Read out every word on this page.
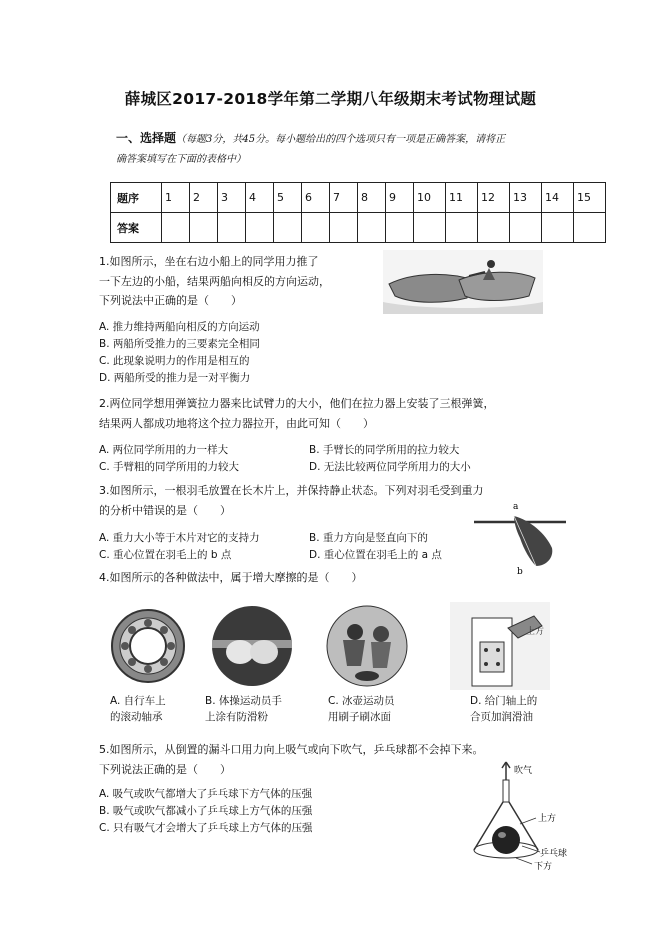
薛城区2017-2018学年第二学期八年级期末考试物理试题
一、选择题（每题3分，共45分。每小题给出的四个选项只有一项是正确答案，请将正
确答案填写在下面的表格中）
题序	1	2	3	4	5	6	7	8	9	10	11	12	13	14	15
答案															
1.如图所示，坐在右边小船上的同学用力推了
一下左边的小船，结果两船向相反的方向运动，
下列说法中正确的是（　　）
A. 推力维持两船向相反的方向运动
B. 两船所受推力的三要素完全相同
C. 此现象说明力的作用是相互的
D. 两船所受的推力是一对平衡力
2.两位同学想用弹簧拉力器来比试臂力的大小，他们在拉力器上安装了三根弹簧，
结果两人都成功地将这个拉力器拉开，由此可知（　　）
A. 两位同学所用的力一样大	B. 手臂长的同学所用的拉力较大
C. 手臂粗的同学所用的力较大	D. 无法比较两位同学所用力的大小
3.如图所示，一根羽毛放置在长木片上，并保持静止状态。下列对羽毛受到重力
的分析中错误的是（　　）
A. 重力大小等于木片对它的支持力	B. 重力方向是竖直向下的
C. 重心位置在羽毛上的 b 点	D. 重心位置在羽毛上的 a 点
a
b
4.如图所示的各种做法中，属于增大摩擦的是（　　）
上方
A. 自行车上
的滚动轴承
B. 体操运动员手
上涂有防滑粉
C. 冰壶运动员
用刷子刷冰面
D. 给门轴上的
合页加润滑油
5.如图所示，从倒置的漏斗口用力向上吸气或向下吹气，乒乓球都不会掉下来。
下列说法正确的是（　　）
A. 吸气或吹气都增大了乒乓球下方气体的压强
B. 吸气或吹气都减小了乒乓球上方气体的压强
C. 只有吸气才会增大了乒乓球上方气体的压强
吹气
上方
乒乓球
下方
